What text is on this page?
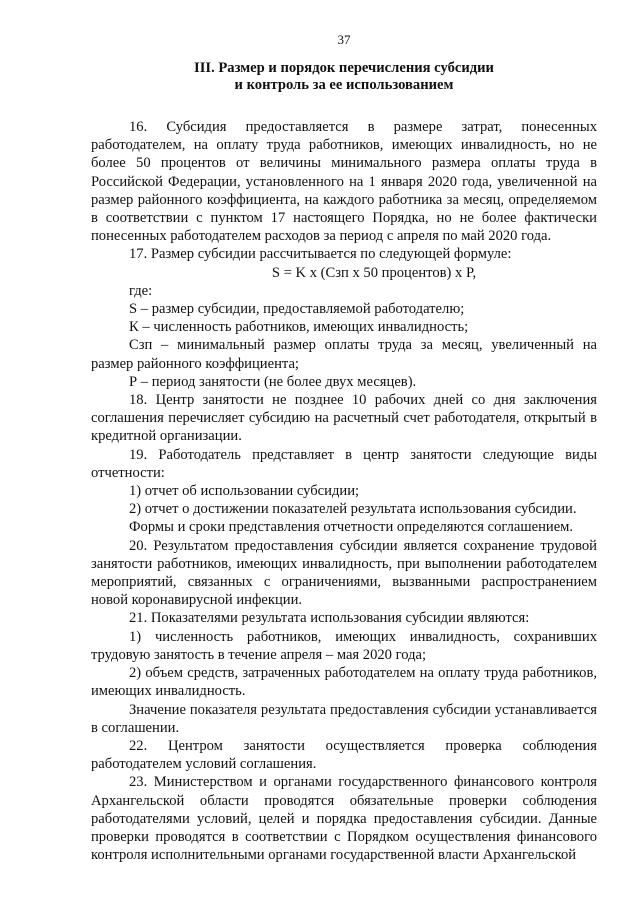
37
III. Размер и порядок перечисления субсидии
и контроль за ее использованием

16. Субсидия предоставляется в размере затрат, понесенных работодателем, на оплату труда работников, имеющих инвалидность, но не более 50 процентов от величины минимального размера оплаты труда в Российской Федерации, установленного на 1 января 2020 года, увеличенной на размер районного коэффициента, на каждого работника за месяц, определяемом в соответствии с пунктом 17 настоящего Порядка, но не более фактически понесенных работодателем расходов за период с апреля по май 2020 года.

17. Размер субсидии рассчитывается по следующей формуле:

S = K x (Сзп x 50 процентов) x P,

где:

S – размер субсидии, предоставляемой работодателю;

К – численность работников, имеющих инвалидность;

Сзп – минимальный размер оплаты труда за месяц, увеличенный на размер районного коэффициента;

Р – период занятости (не более двух месяцев).

18. Центр занятости не позднее 10 рабочих дней со дня заключения соглашения перечисляет субсидию на расчетный счет работодателя, открытый в кредитной организации.

19. Работодатель представляет в центр занятости следующие виды отчетности:

1) отчет об использовании субсидии;

2) отчет о достижении показателей результата использования субсидии.

Формы и сроки представления отчетности определяются соглашением.

20. Результатом предоставления субсидии является сохранение трудовой занятости работников, имеющих инвалидность, при выполнении работодателем мероприятий, связанных с ограничениями, вызванными распространением новой коронавирусной инфекции.

21. Показателями результата использования субсидии являются:

1) численность работников, имеющих инвалидность, сохранивших трудовую занятость в течение апреля – мая 2020 года;

2) объем средств, затраченных работодателем на оплату труда работников, имеющих инвалидность.

Значение показателя результата предоставления субсидии устанавливается в соглашении.

22. Центром занятости осуществляется проверка соблюдения работодателем условий соглашения.

23. Министерством и органами государственного финансового контроля Архангельской области проводятся обязательные проверки соблюдения работодателями условий, целей и порядка предоставления субсидии. Данные проверки проводятся в соответствии с Порядком осуществления финансового контроля исполнительными органами государственной власти Архангельской
